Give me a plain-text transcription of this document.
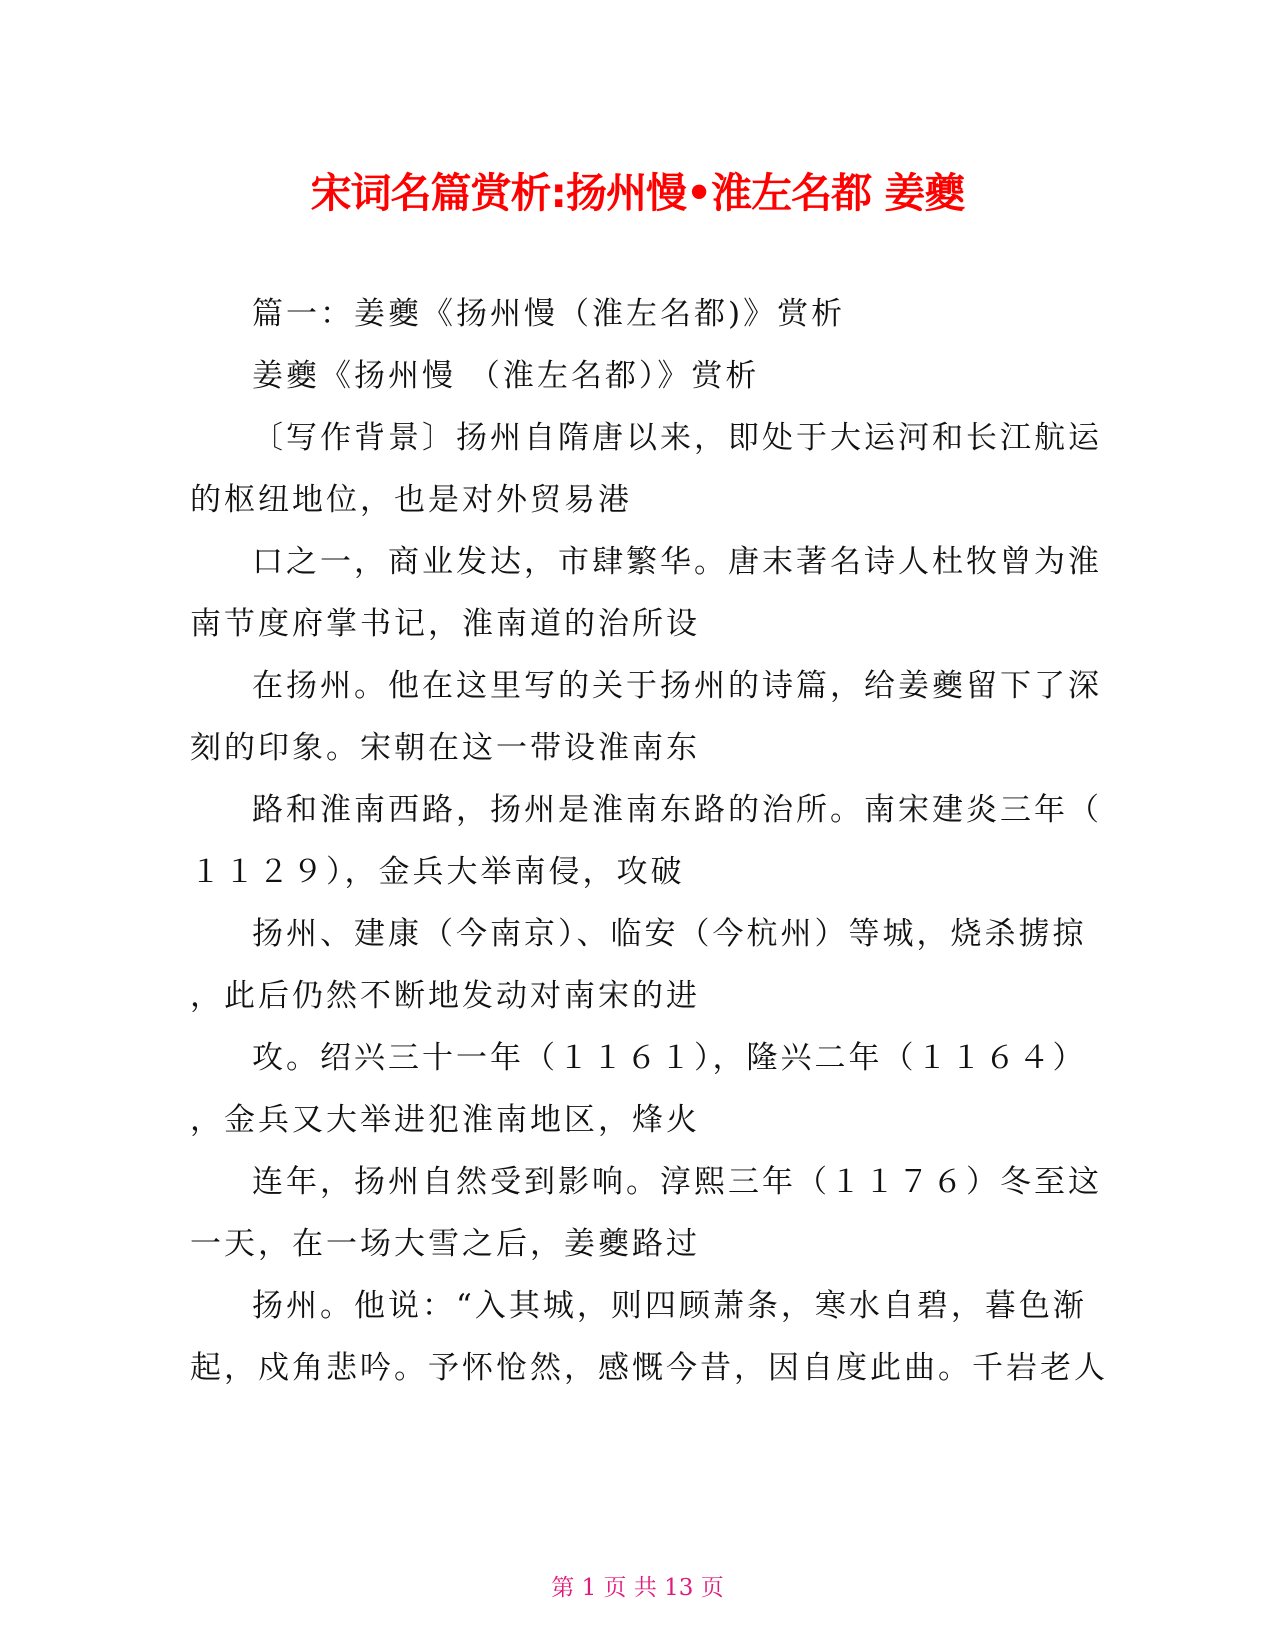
宋词名篇赏析:扬州慢•淮左名都 姜夔
篇一：姜夔《扬州慢（淮左名都)》赏析
姜夔《扬州慢 （淮左名都）》赏析
〔写作背景〕扬州自隋唐以来，即处于大运河和长江航运
的枢纽地位，也是对外贸易港
口之一，商业发达，市肆繁华。唐末著名诗人杜牧曾为淮
南节度府掌书记，淮南道的治所设
在扬州。他在这里写的关于扬州的诗篇，给姜夔留下了深
刻的印象。宋朝在这一带设淮南东
路和淮南西路，扬州是淮南东路的治所。南宋建炎三年（
１１２９），金兵大举南侵，攻破
扬州、建康（今南京）、临安（今杭州）等城，烧杀掳掠
，此后仍然不断地发动对南宋的进
攻。绍兴三十一年（１１６１），隆兴二年（１１６４）
，金兵又大举进犯淮南地区，烽火
连年，扬州自然受到影响。淳熙三年（１１７６）冬至这
一天，在一场大雪之后，姜夔路过
扬州。他说：“入其城，则四顾萧条，寒水自碧，暮色渐
起，戍角悲吟。予怀怆然，感慨今昔，因自度此曲。千岩老人
第 1 页 共 13 页
